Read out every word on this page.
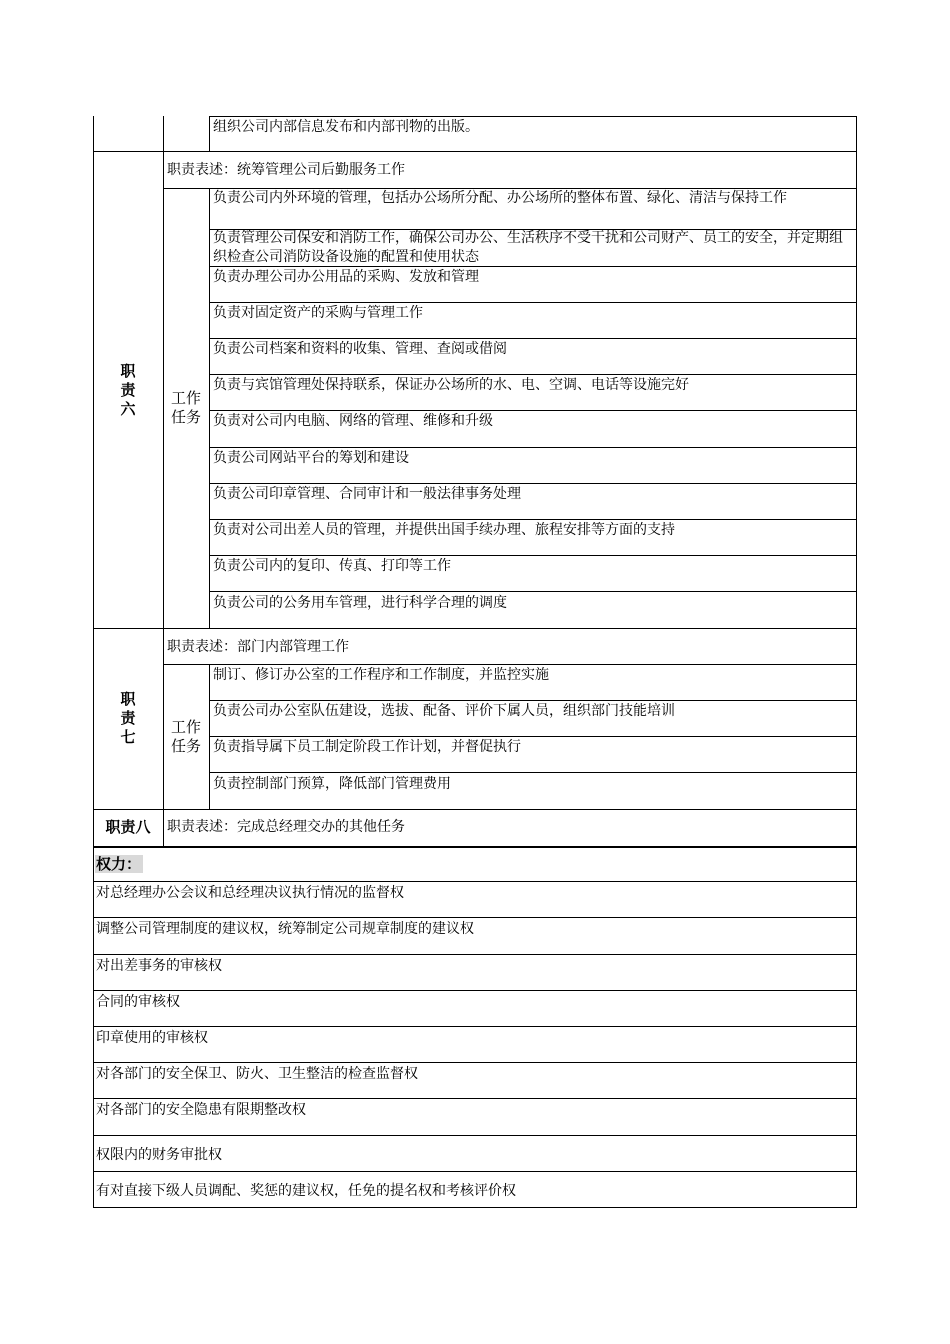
组织公司内部信息发布和内部刊物的出版。
职
责
六
职责表述：统筹管理公司后勤服务工作
工作
任务
负责公司内外环境的管理，包括办公场所分配、办公场所的整体布置、绿化、清洁与保持工作
负责管理公司保安和消防工作，确保公司办公、生活秩序不受干扰和公司财产、员工的安全，并定期组织检查公司消防设备设施的配置和使用状态
负责办理公司办公用品的采购、发放和管理
负责对固定资产的采购与管理工作
负责公司档案和资料的收集、管理、查阅或借阅
负责与宾馆管理处保持联系，保证办公场所的水、电、空调、电话等设施完好
负责对公司内电脑、网络的管理、维修和升级
负责公司网站平台的筹划和建设
负责公司印章管理、合同审计和一般法律事务处理
负责对公司出差人员的管理，并提供出国手续办理、旅程安排等方面的支持
负责公司内的复印、传真、打印等工作
负责公司的公务用车管理，进行科学合理的调度
职
责
七
职责表述：部门内部管理工作
工作
任务
制订、修订办公室的工作程序和工作制度，并监控实施
负责公司办公室队伍建设，选拔、配备、评价下属人员，组织部门技能培训
负责指导属下员工制定阶段工作计划，并督促执行
负责控制部门预算，降低部门管理费用
职责八	职责表述：完成总经理交办的其他任务
权力：
对总经理办公会议和总经理决议执行情况的监督权
调整公司管理制度的建议权，统筹制定公司规章制度的建议权
对出差事务的审核权
合同的审核权
印章使用的审核权
对各部门的安全保卫、防火、卫生整洁的检查监督权
对各部门的安全隐患有限期整改权
权限内的财务审批权
有对直接下级人员调配、奖惩的建议权，任免的提名权和考核评价权
